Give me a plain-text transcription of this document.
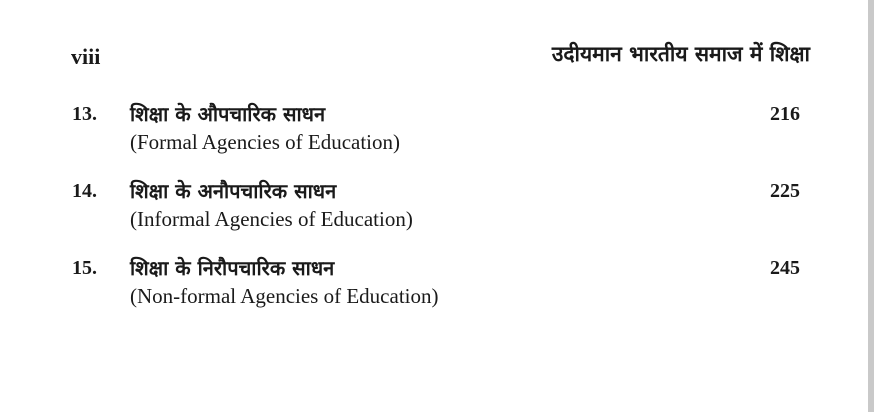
viii	उदीयमान भारतीय समाज में शिक्षा
13. शिक्षा के औपचारिक साधन
(Formal Agencies of Education)
216
14. शिक्षा के अनौपचारिक साधन
(Informal Agencies of Education)
225
15. शिक्षा के निरौपचारिक साधन
(Non-formal Agencies of Education)
245
